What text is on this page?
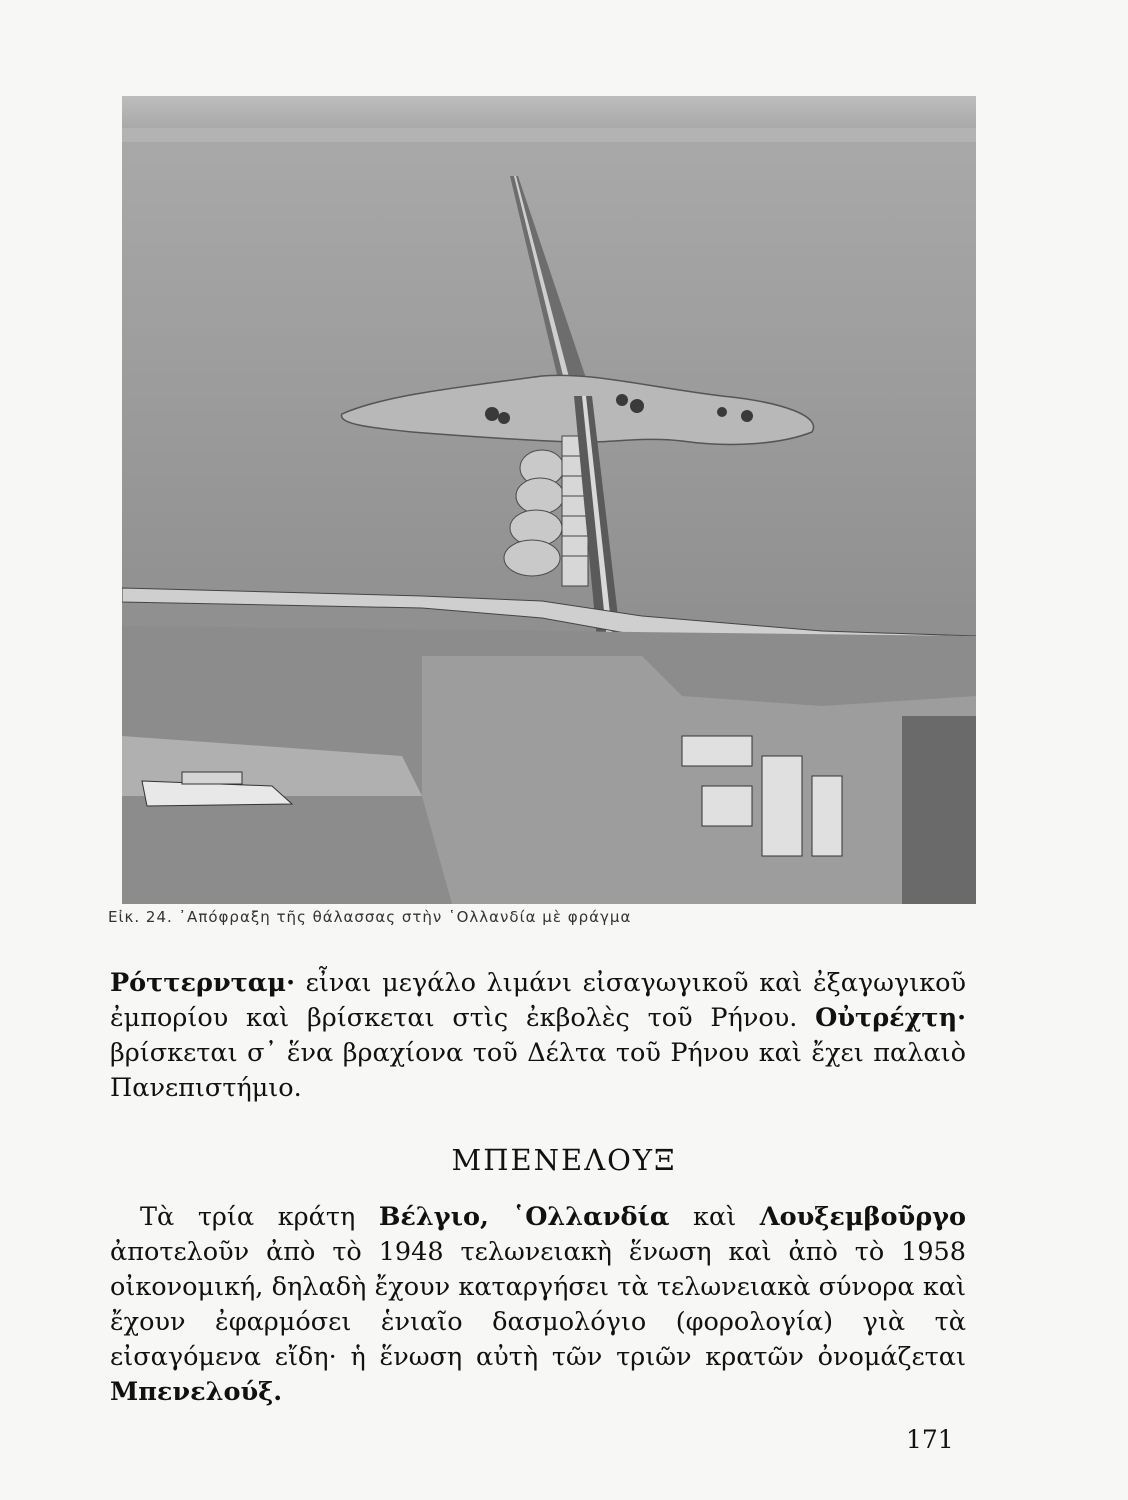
Εἰκ. 24. ᾿Απόφραξη τῆς θάλασσας στὴν ῾Ολλανδία μὲ φράγμα
Ρόττερνταμ· εἶναι μεγάλο λιμάνι εἰσαγωγικοῦ καὶ ἐξαγωγικοῦ ἐμπορίου καὶ βρίσκεται στὶς ἐκβολὲς τοῦ Ρήνου. Οὐτρέχτη· βρίσκεται σ᾿ ἕνα βραχίονα τοῦ Δέλτα τοῦ Ρήνου καὶ ἔχει παλαιὸ Πανεπιστήμιο.
ΜΠΕΝΕΛΟΥΞ
Τὰ τρία κράτη Βέλγιο, ῾Ολλανδία καὶ Λουξεμβοῦργο ἀποτελοῦν ἀπὸ τὸ 1948 τελωνειακὴ ἕνωση καὶ ἀπὸ τὸ 1958 οἰκονομική, δηλαδὴ ἔχουν καταργήσει τὰ τελωνειακὰ σύνορα καὶ ἔχουν ἐφαρμόσει ἑνιαῖο δασμολόγιο (φορολογία) γιὰ τὰ εἰσαγόμενα εἴδη· ἡ ἕνωση αὐτὴ τῶν τριῶν κρατῶν ὀνομάζεται Μπενελούξ.
171
